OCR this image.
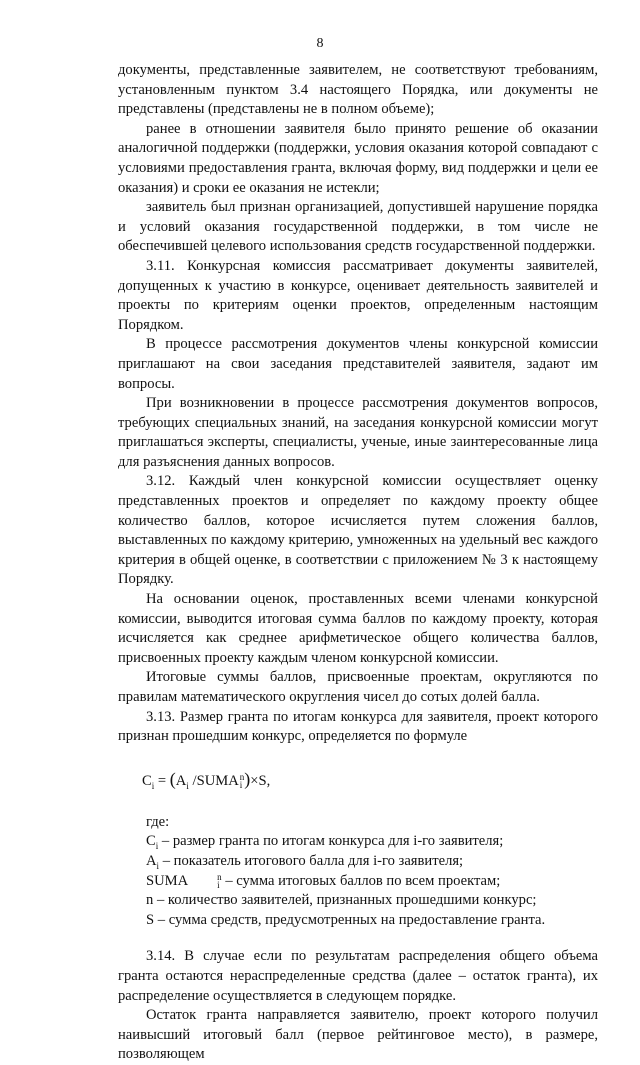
8

документы, представленные заявителем, не соответствуют требованиям, установленным пунктом 3.4 настоящего Порядка, или документы не представлены (представлены не в полном объеме);

ранее в отношении заявителя было принято решение об оказании аналогичной поддержки (поддержки, условия оказания которой совпадают с условиями предоставления гранта, включая форму, вид поддержки и цели ее оказания) и сроки ее оказания не истекли;

заявитель был признан организацией, допустившей нарушение порядка и условий оказания государственной поддержки, в том числе не обеспечившей целевого использования средств государственной поддержки.

3.11. Конкурсная комиссия рассматривает документы заявителей, допущенных к участию в конкурсе, оценивает деятельность заявителей и проекты по критериям оценки проектов, определенным настоящим Порядком.

В процессе рассмотрения документов члены конкурсной комиссии приглашают на свои заседания представителей заявителя, задают им вопросы.

При возникновении в процессе рассмотрения документов вопросов, требующих специальных знаний, на заседания конкурсной комиссии могут приглашаться эксперты, специалисты, ученые, иные заинтересованные лица для разъяснения данных вопросов.

3.12. Каждый член конкурсной комиссии осуществляет оценку представленных проектов и определяет по каждому проекту общее количество баллов, которое исчисляется путем сложения баллов, выставленных по каждому критерию, умноженных на удельный вес каждого критерия в общей оценке, в соответствии с приложением № 3 к настоящему Порядку.

На основании оценок, проставленных всеми членами конкурсной комиссии, выводится итоговая сумма баллов по каждому проекту, которая исчисляется как среднее арифметическое общего количества баллов, присвоенных проекту каждым членом конкурсной комиссии.

Итоговые суммы баллов, присвоенные проектам, округляются по правилам математического округления чисел до сотых долей балла.

3.13. Размер гранта по итогам конкурса для заявителя, проект которого признан прошедшим конкурс, определяется по формуле

$C_i = (A_i$ /SUMA n
i )×S,

где:

$C_i$ – размер гранта по итогам конкурса для i-го заявителя;

$A_i$ – показатель итогового балла для i-го заявителя;

SUMA	n
i – сумма итоговых баллов по всем проектам;

n – количество заявителей, признанных прошедшими конкурс;

S – сумма средств, предусмотренных на предоставление гранта.

3.14. В случае если по результатам распределения общего объема гранта остаются нераспределенные средства (далее – остаток гранта), их распределение осуществляется в следующем порядке.

Остаток гранта направляется заявителю, проект которого получил наивысший итоговый балл (первое рейтинговое место), в размере, позволяющем
